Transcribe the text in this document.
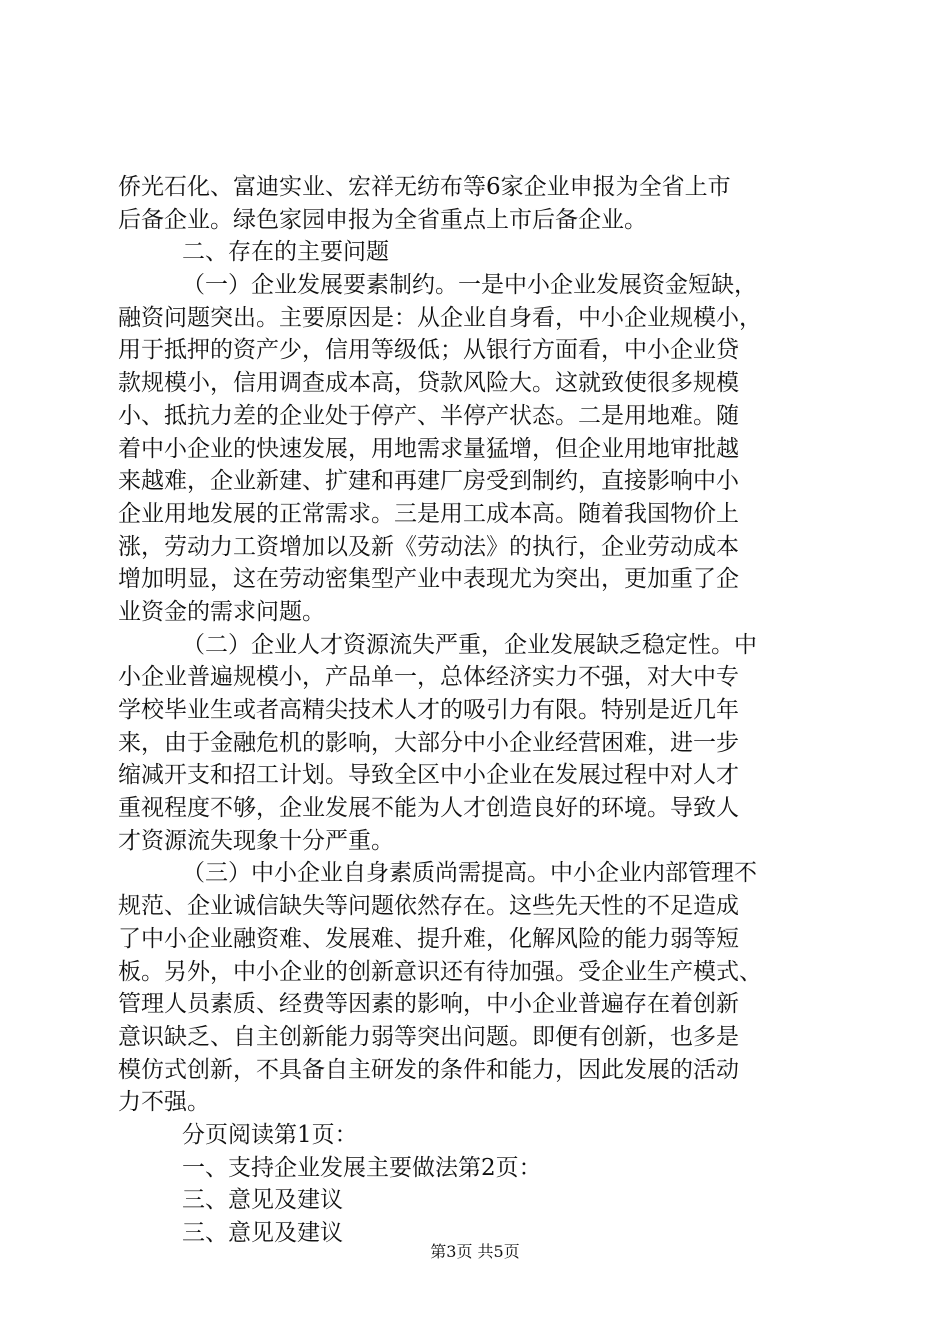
侨光石化、富迪实业、宏祥无纺布等6家企业申报为全省上市
后备企业。绿色家园申报为全省重点上市后备企业。
二、存在的主要问题
（一）企业发展要素制约。一是中小企业发展资金短缺，
融资问题突出。主要原因是：从企业自身看，中小企业规模小，
用于抵押的资产少，信用等级低；从银行方面看，中小企业贷
款规模小，信用调查成本高，贷款风险大。这就致使很多规模
小、抵抗力差的企业处于停产、半停产状态。二是用地难。随
着中小企业的快速发展，用地需求量猛增，但企业用地审批越
来越难，企业新建、扩建和再建厂房受到制约，直接影响中小
企业用地发展的正常需求。三是用工成本高。随着我国物价上
涨，劳动力工资增加以及新《劳动法》的执行，企业劳动成本
增加明显，这在劳动密集型产业中表现尤为突出，更加重了企
业资金的需求问题。
（二）企业人才资源流失严重，企业发展缺乏稳定性。中
小企业普遍规模小，产品单一，总体经济实力不强，对大中专
学校毕业生或者高精尖技术人才的吸引力有限。特别是近几年
来，由于金融危机的影响，大部分中小企业经营困难，进一步
缩减开支和招工计划。导致全区中小企业在发展过程中对人才
重视程度不够，企业发展不能为人才创造良好的环境。导致人
才资源流失现象十分严重。
（三）中小企业自身素质尚需提高。中小企业内部管理不
规范、企业诚信缺失等问题依然存在。这些先天性的不足造成
了中小企业融资难、发展难、提升难，化解风险的能力弱等短
板。另外，中小企业的创新意识还有待加强。受企业生产模式、
管理人员素质、经费等因素的影响，中小企业普遍存在着创新
意识缺乏、自主创新能力弱等突出问题。即便有创新，也多是
模仿式创新，不具备自主研发的条件和能力，因此发展的活动
力不强。
分页阅读第1页：
一、支持企业发展主要做法第2页：
三、意见及建议
三、意见及建议
第3页 共5页
